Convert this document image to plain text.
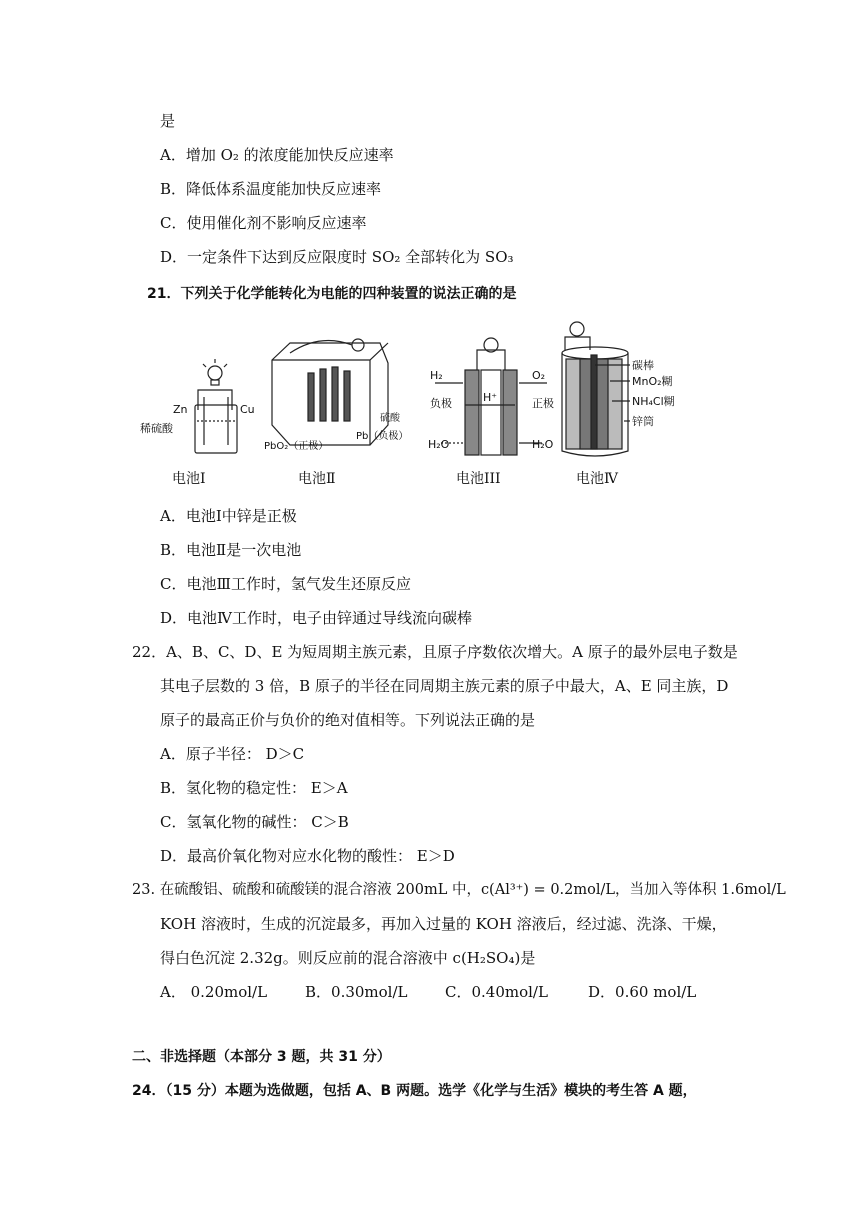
是
A．增加 O₂ 的浓度能加快反应速率
B．降低体系温度能加快反应速率
C．使用催化剂不影响反应速率
D．一定条件下达到反应限度时 SO₂ 全部转化为 SO₃
21．下列关于化学能转化为电能的四种装置的说法正确的是
Zn	Cu
稀硫酸
PbO₂（正极）
Pb（负极）
硫酸
H₂	O₂
负极	正极
H⁺
H₂O	H₂O
碳棒
MnO₂糊
NH₄Cl糊
锌筒
电池Ⅰ	电池Ⅱ	电池III	电池Ⅳ
A．电池Ⅰ中锌是正极
B．电池Ⅱ是一次电池
C．电池Ⅲ工作时，氢气发生还原反应
D．电池Ⅳ工作时，电子由锌通过导线流向碳棒
22．A、B、C、D、E 为短周期主族元素，且原子序数依次增大。A 原子的最外层电子数是
其电子层数的 3 倍，B 原子的半径在同周期主族元素的原子中最大，A、E 同主族，D
原子的最高正价与负价的绝对值相等。下列说法正确的是
A．原子半径： D＞C
B．氢化物的稳定性： E＞A
C．氢氧化物的碱性： C＞B
D．最高价氧化物对应水化物的酸性： E＞D
23. 在硫酸铝、硫酸和硫酸镁的混合溶液 200mL 中，c(Al³⁺) = 0.2mol/L，当加入等体积 1.6mol/L
KOH 溶液时，生成的沉淀最多，再加入过量的 KOH 溶液后，经过滤、洗涤、干燥，
得白色沉淀 2.32g。则反应前的混合溶液中 c(H₂SO₄)是
A． 0.20mol/L	B．0.30mol/L	C．0.40mol/L	D．0.60 mol/L
二、非选择题（本部分 3 题，共 31 分）
24．（15 分）本题为选做题，包括 A、B 两题。选学《化学与生活》模块的考生答 A 题，
